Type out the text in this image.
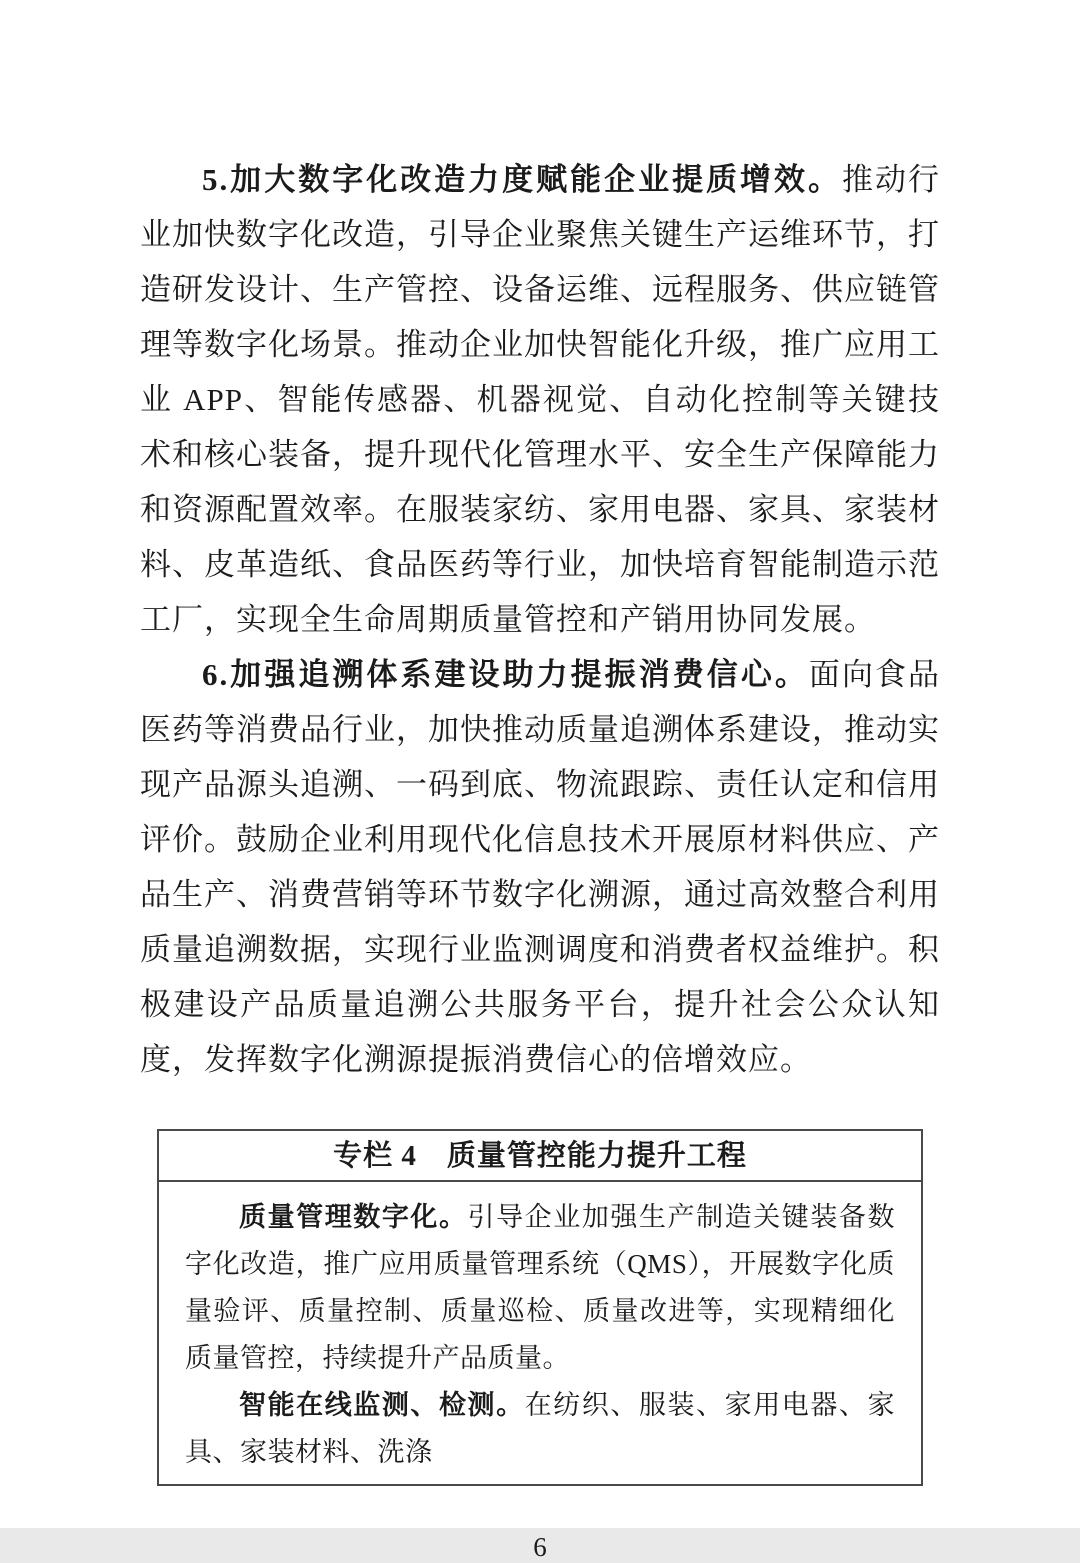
5.加大数字化改造力度赋能企业提质增效。推动行业加快数字化改造，引导企业聚焦关键生产运维环节，打造研发设计、生产管控、设备运维、远程服务、供应链管理等数字化场景。推动企业加快智能化升级，推广应用工业 APP、智能传感器、机器视觉、自动化控制等关键技术和核心装备，提升现代化管理水平、安全生产保障能力和资源配置效率。在服装家纺、家用电器、家具、家装材料、皮革造纸、食品医药等行业，加快培育智能制造示范工厂，实现全生命周期质量管控和产销用协同发展。

6.加强追溯体系建设助力提振消费信心。面向食品医药等消费品行业，加快推动质量追溯体系建设，推动实现产品源头追溯、一码到底、物流跟踪、责任认定和信用评价。鼓励企业利用现代化信息技术开展原材料供应、产品生产、消费营销等环节数字化溯源，通过高效整合利用质量追溯数据，实现行业监测调度和消费者权益维护。积极建设产品质量追溯公共服务平台，提升社会公众认知度，发挥数字化溯源提振消费信心的倍增效应。

专栏 4　质量管控能力提升工程

质量管理数字化。引导企业加强生产制造关键装备数字化改造，推广应用质量管理系统（QMS），开展数字化质量验评、质量控制、质量巡检、质量改进等，实现精细化质量管控，持续提升产品质量。

智能在线监测、检测。在纺织、服装、家用电器、家具、家装材料、洗涤

6
